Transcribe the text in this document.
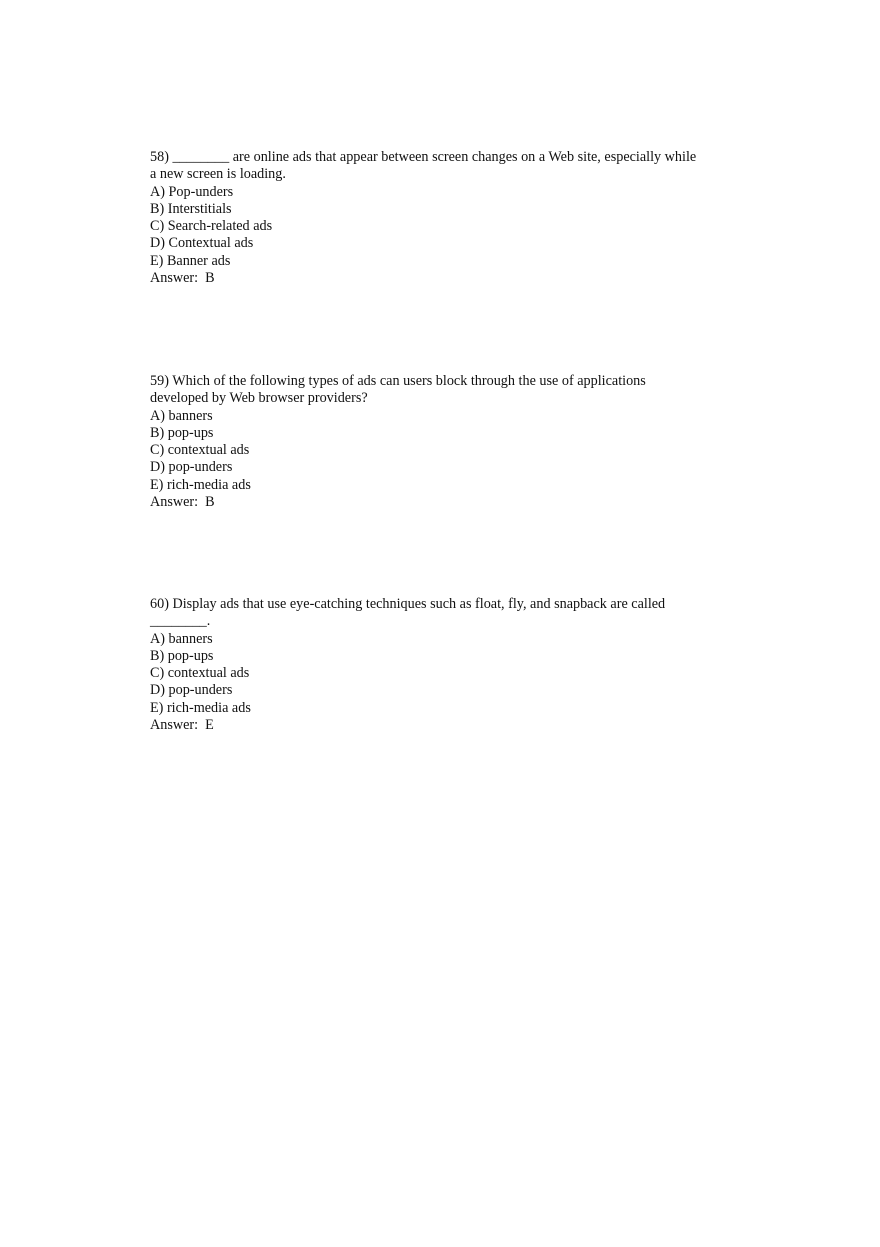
58) ________ are online ads that appear between screen changes on a Web site, especially while

a new screen is loading.

A) Pop-unders

B) Interstitials

C) Search-related ads

D) Contextual ads

E) Banner ads

Answer:  B

59) Which of the following types of ads can users block through the use of applications

developed by Web browser providers?

A) banners

B) pop-ups

C) contextual ads

D) pop-unders

E) rich-media ads

Answer:  B

60) Display ads that use eye-catching techniques such as float, fly, and snapback are called

________.

A) banners

B) pop-ups

C) contextual ads

D) pop-unders

E) rich-media ads

Answer:  E
